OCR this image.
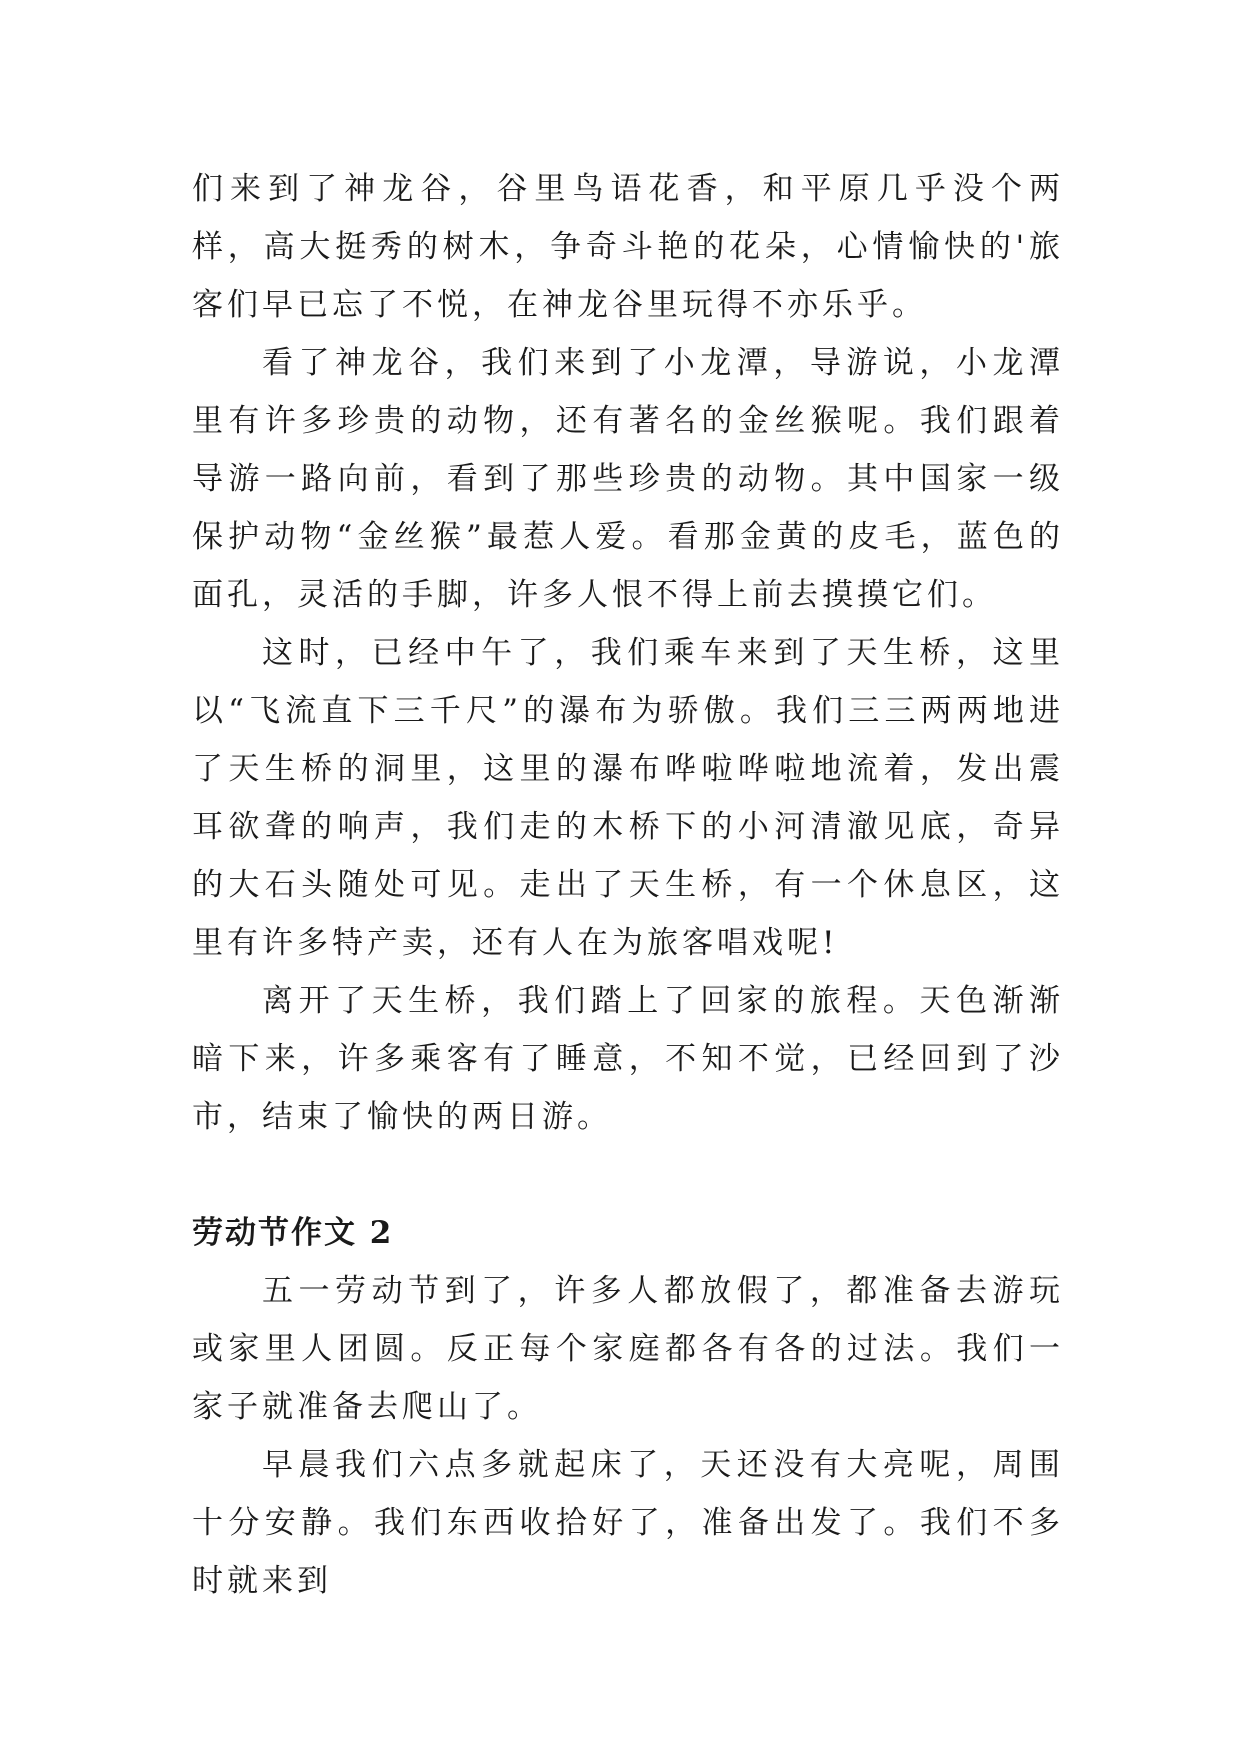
们来到了神龙谷，谷里鸟语花香，和平原几乎没个两样，高大挺秀的树木，争奇斗艳的花朵，心情愉快的'旅客们早已忘了不悦，在神龙谷里玩得不亦乐乎。

看了神龙谷，我们来到了小龙潭，导游说，小龙潭里有许多珍贵的动物，还有著名的金丝猴呢。我们跟着导游一路向前，看到了那些珍贵的动物。其中国家一级保护动物“金丝猴”最惹人爱。看那金黄的皮毛，蓝色的面孔，灵活的手脚，许多人恨不得上前去摸摸它们。

这时，已经中午了，我们乘车来到了天生桥，这里以“飞流直下三千尺”的瀑布为骄傲。我们三三两两地进了天生桥的洞里，这里的瀑布哗啦哗啦地流着，发出震耳欲聋的响声，我们走的木桥下的小河清澈见底，奇异的大石头随处可见。走出了天生桥，有一个休息区，这里有许多特产卖，还有人在为旅客唱戏呢!

离开了天生桥，我们踏上了回家的旅程。天色渐渐暗下来，许多乘客有了睡意，不知不觉，已经回到了沙市，结束了愉快的两日游。

劳动节作文 2

五一劳动节到了，许多人都放假了，都准备去游玩或家里人团圆。反正每个家庭都各有各的过法。我们一家子就准备去爬山了。

早晨我们六点多就起床了，天还没有大亮呢，周围十分安静。我们东西收拾好了，准备出发了。我们不多时就来到
